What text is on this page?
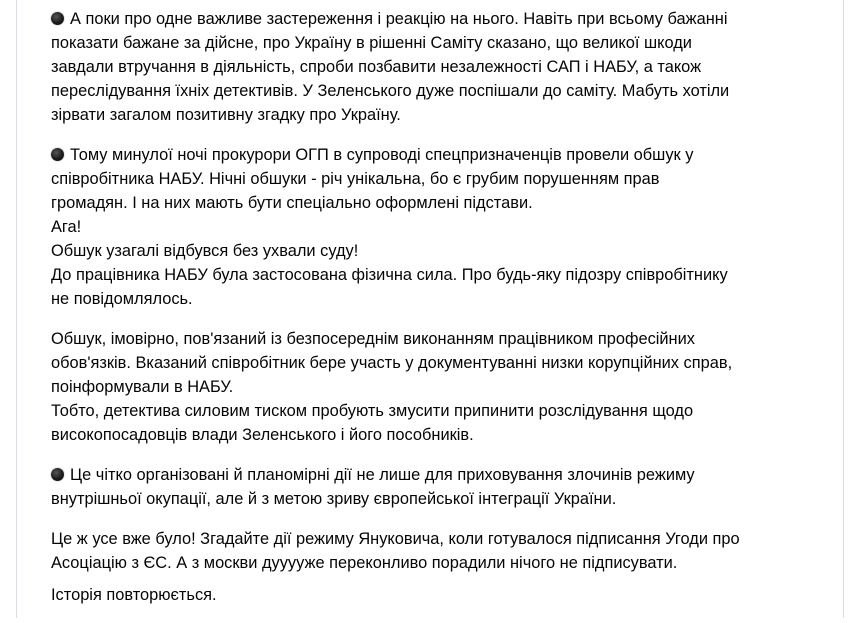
А поки про одне важливе застереження і реакцію на нього. Навіть при всьому бажанні
показати бажане за дійсне, про Україну в рішенні Саміту сказано, що великої шкоди
завдали втручання в діяльність, спроби позбавити незалежності САП і НАБУ, а також
переслідування їхніх детективів. У Зеленського дуже поспішали до саміту. Мабуть хотіли
зірвати загалом позитивну згадку про Україну.

Тому минулої ночі прокурори ОГП в супроводі спецпризначенців провели обшук у
співробітника НАБУ. Нічні обшуки - річ унікальна, бо є грубим порушенням прав
громадян. І на них мають бути спеціально оформлені підстави.
Ага!
Обшук узагалі відбувся без ухвали суду!
До працівника НАБУ була застосована фізична сила. Про будь-яку підозру співробітнику
не повідомлялось.

Обшук, імовірно, пов'язаний із безпосереднім виконанням працівником професійних
обов'язків. Вказаний співробітник бере участь у документуванні низки корупційних справ,
поінформували в НАБУ.
Тобто, детектива силовим тиском пробують змусити припинити розслідування щодо
високопосадовців влади Зеленського і його пособників.

Це чітко організовані й планомірні дії не лише для приховування злочинів режиму
внутрішньої окупації, але й з метою зриву європейської інтеграції України.

Це ж усе вже було! Згадайте дії режиму Януковича, коли готувалося підписання Угоди про
Асоціацію з ЄС. А з москви дууууже переконливо порадили нічого не підписувати.

Історія повторюється.
